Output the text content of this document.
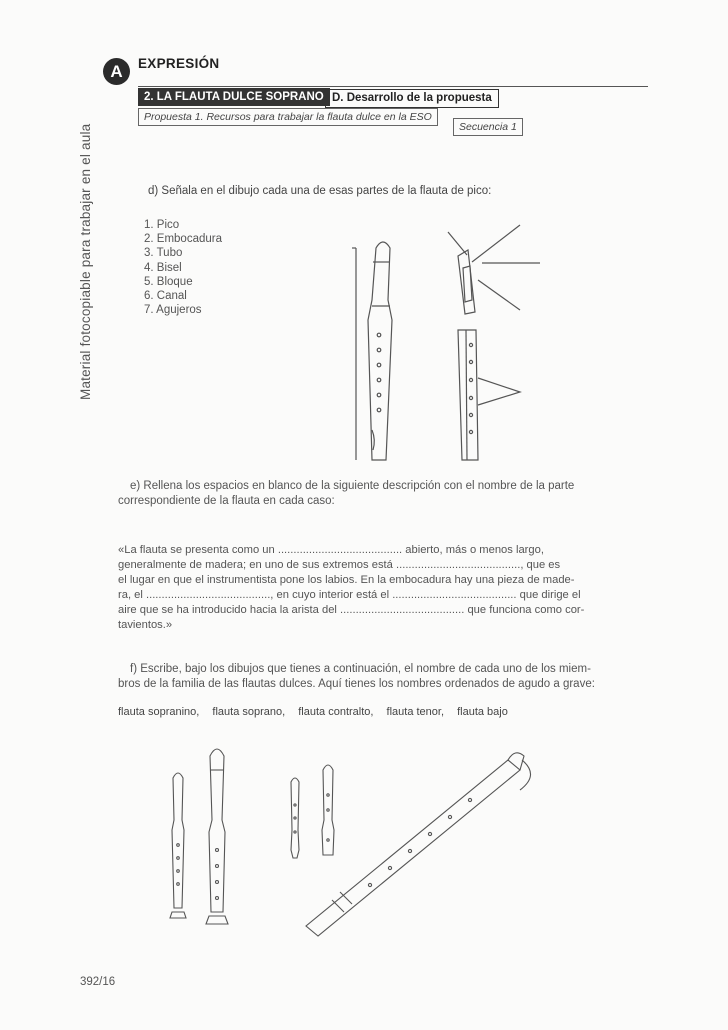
Material fotocopiable para trabajar en el aula
A	EXPRESIÓN
2. LA FLAUTA DULCE SOPRANO D. Desarrollo de la propuesta
Propuesta 1. Recursos para trabajar la flauta dulce en la ESO
Secuencia 1
d) Señala en el dibujo cada una de esas partes de la flauta de pico:
1. Pico
2. Embocadura
3. Tubo
4. Bisel
5. Bloque
6. Canal
7. Agujeros
e) Rellena los espacios en blanco de la siguiente descripción con el nombre de la parte
correspondiente de la flauta en cada caso:
«La flauta se presenta como un ........................................ abierto, más o menos largo,
generalmente de madera; en uno de sus extremos está ........................................, que es
el lugar en que el instrumentista pone los labios. En la embocadura hay una pieza de made-
ra, el ........................................, en cuyo interior está el ........................................ que dirige el
aire que se ha introducido hacia la arista del ........................................ que funciona como cor-
tavientos.»
f) Escribe, bajo los dibujos que tienes a continuación, el nombre de cada uno de los miem-
bros de la familia de las flautas dulces. Aquí tienes los nombres ordenados de agudo a grave:
flauta sopranino, flauta soprano, flauta contralto, flauta tenor, flauta bajo
392/16
